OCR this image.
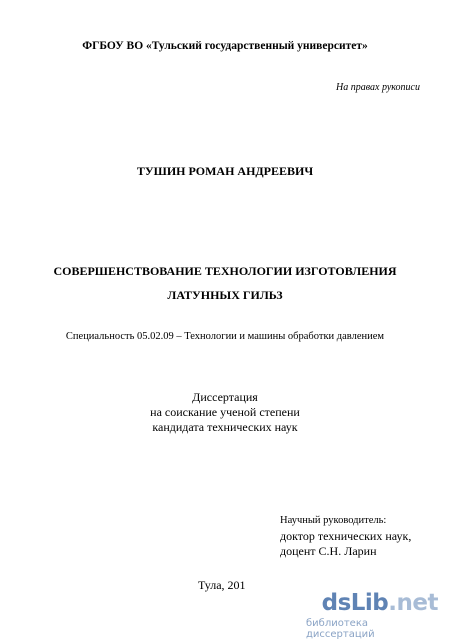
ФГБОУ ВО «Тульский государственный университет»
На правах рукописи
ТУШИН РОМАН АНДРЕЕВИЧ
СОВЕРШЕНСТВОВАНИЕ ТЕХНОЛОГИИ ИЗГОТОВЛЕНИЯ
ЛАТУННЫХ ГИЛЬЗ
Специальность 05.02.09 – Технологии и машины обработки давлением
Диссертация
на соискание ученой степени
кандидата технических наук
Научный руководитель:
доктор технических наук,
доцент С.Н. Ларин
Тула, 201
dsLib.net
библиотека диссертаций
